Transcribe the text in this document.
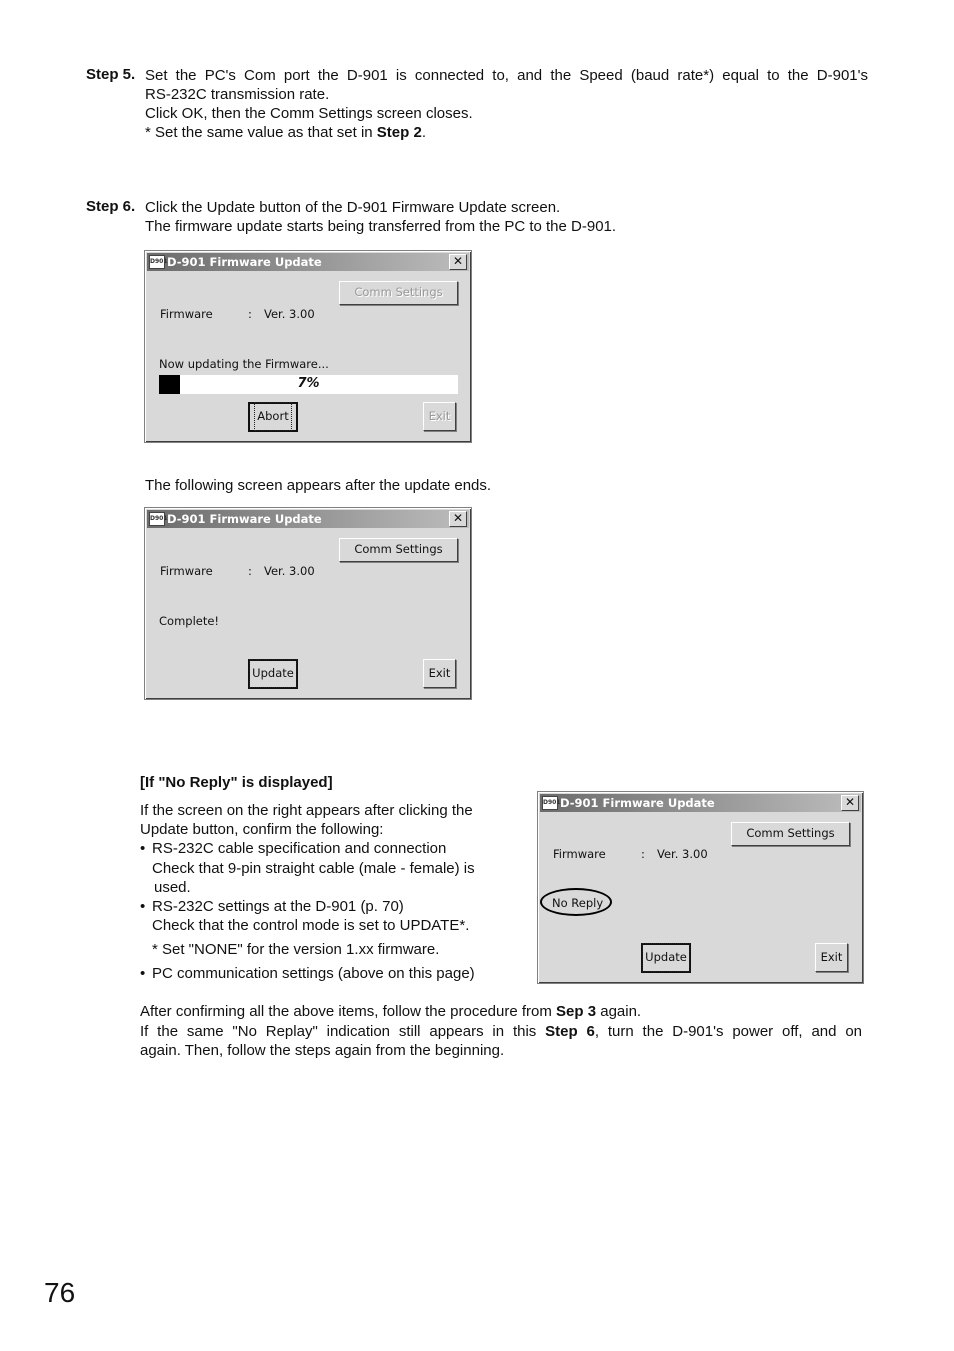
Step 5. Set the PC's Com port the D-901 is connected to, and the Speed (baud rate*) equal to the D-901's
RS-232C transmission rate.
Click OK, then the Comm Settings screen closes.
* Set the same value as that set in Step 2.
Step 6. Click the Update button of the D-901 Firmware Update screen.
The firmware update starts being transferred from the PC to the D-901.
D901 D-901 Firmware Update	✕
Comm Settings
Firmware	: Ver. 3.00
Now updating the Firmware...
7%
Abort	Exit
The following screen appears after the update ends.
D901 D-901 Firmware Update	✕
Comm Settings
Firmware	: Ver. 3.00
Complete!
Update	Exit
[If "No Reply" is displayed]
If the screen on the right appears after clicking the
Update button, confirm the following:
• RS-232C cable specification and connection
Check that 9-pin straight cable (male - female) is
used.
• RS-232C settings at the D-901 (p. 70)
Check that the control mode is set to UPDATE*.
* Set "NONE" for the version 1.xx firmware.
• PC communication settings (above on this page)
D901 D-901 Firmware Update	✕
Comm Settings
Firmware	: Ver. 3.00
No Reply
Update	Exit
After confirming all the above items, follow the procedure from Sep 3 again.
If the same "No Replay" indication still appears in this Step 6, turn the D-901's power off, and on
again. Then, follow the steps again from the beginning.
76
